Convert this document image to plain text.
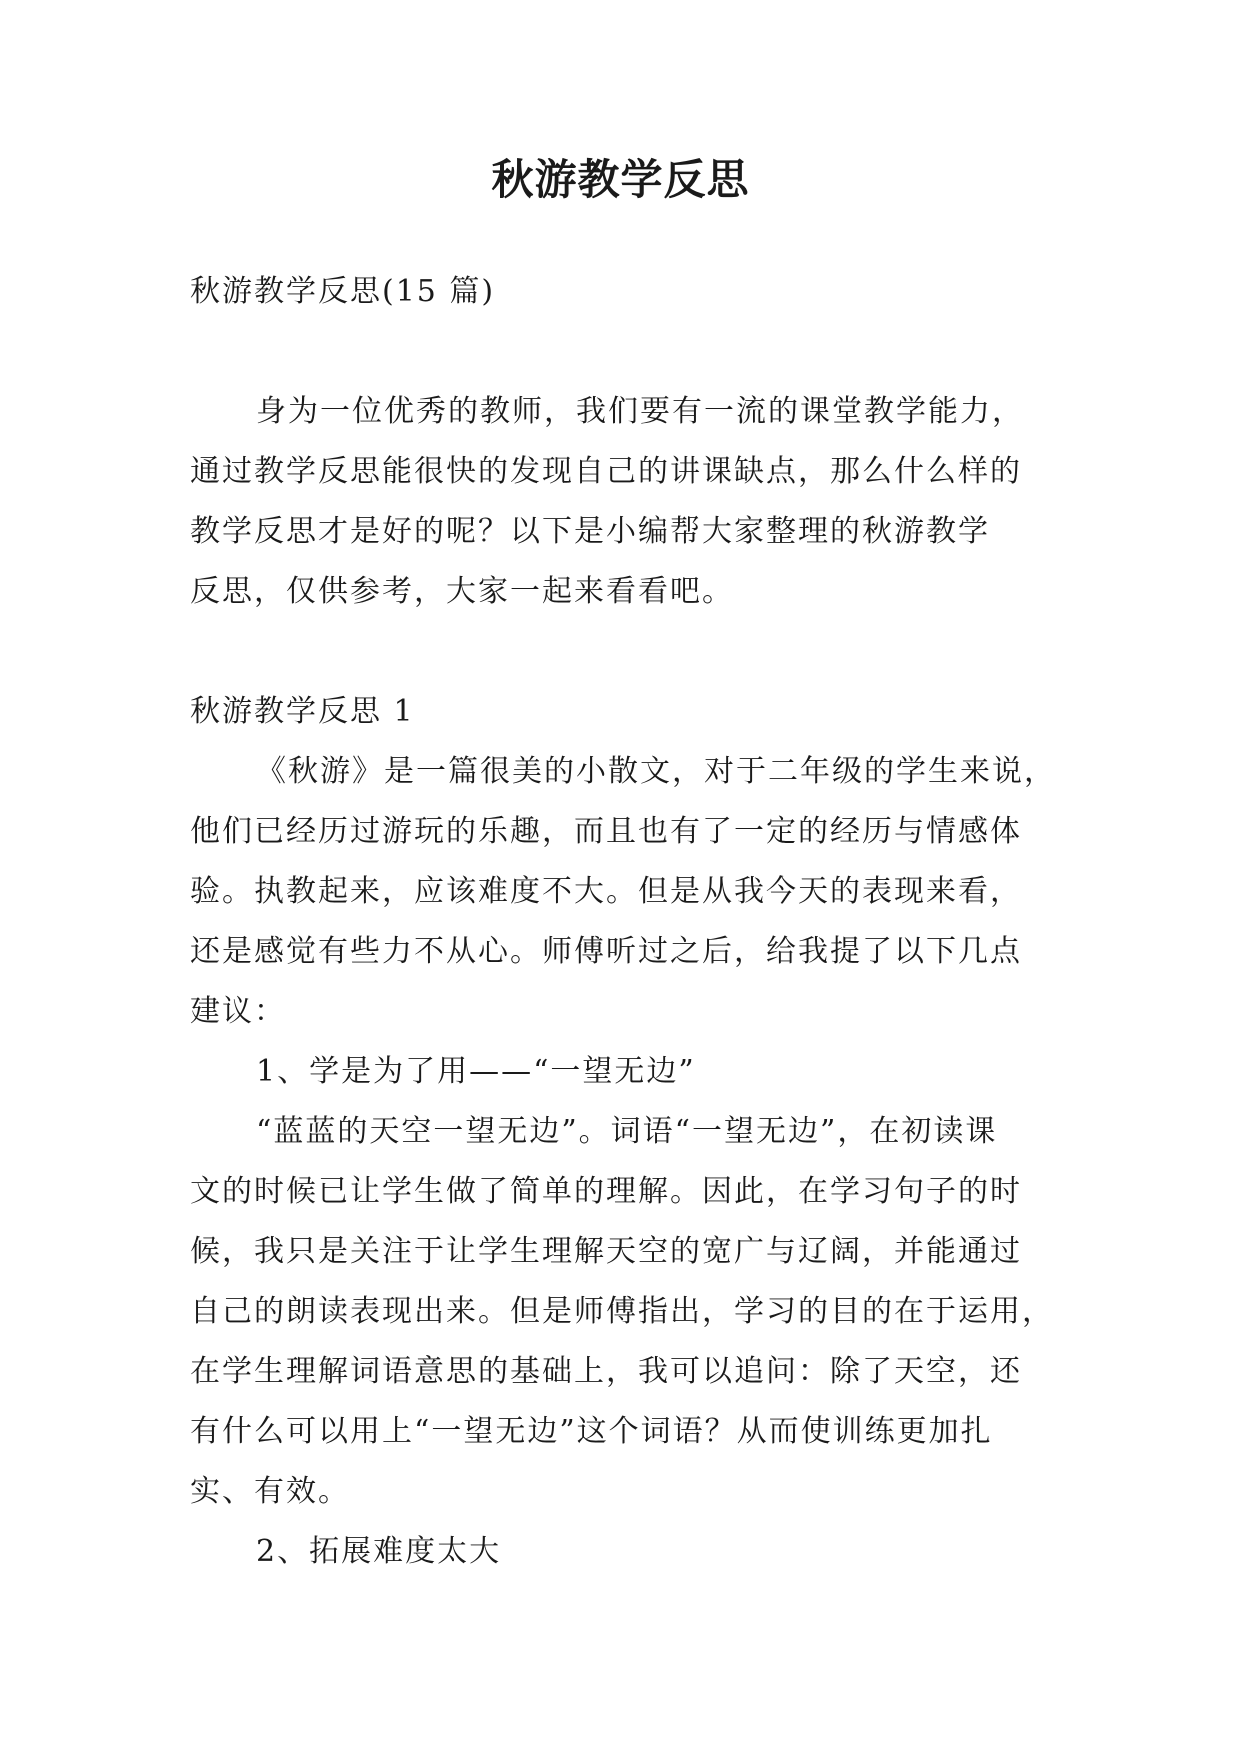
秋游教学反思

秋游教学反思(15 篇)

身为一位优秀的教师，我们要有一流的课堂教学能力，

通过教学反思能很快的发现自己的讲课缺点，那么什么样的

教学反思才是好的呢？以下是小编帮大家整理的秋游教学

反思，仅供参考，大家一起来看看吧。

秋游教学反思 1

《秋游》是一篇很美的小散文，对于二年级的学生来说，

他们已经历过游玩的乐趣，而且也有了一定的经历与情感体

验。执教起来，应该难度不大。但是从我今天的表现来看，

还是感觉有些力不从心。师傅听过之后，给我提了以下几点

建议：

1、学是为了用——“一望无边”

“蓝蓝的天空一望无边”。词语“一望无边”，在初读课

文的时候已让学生做了简单的理解。因此，在学习句子的时

候，我只是关注于让学生理解天空的宽广与辽阔，并能通过

自己的朗读表现出来。但是师傅指出，学习的目的在于运用，

在学生理解词语意思的基础上，我可以追问：除了天空，还

有什么可以用上“一望无边”这个词语？从而使训练更加扎

实、有效。

2、拓展难度太大
